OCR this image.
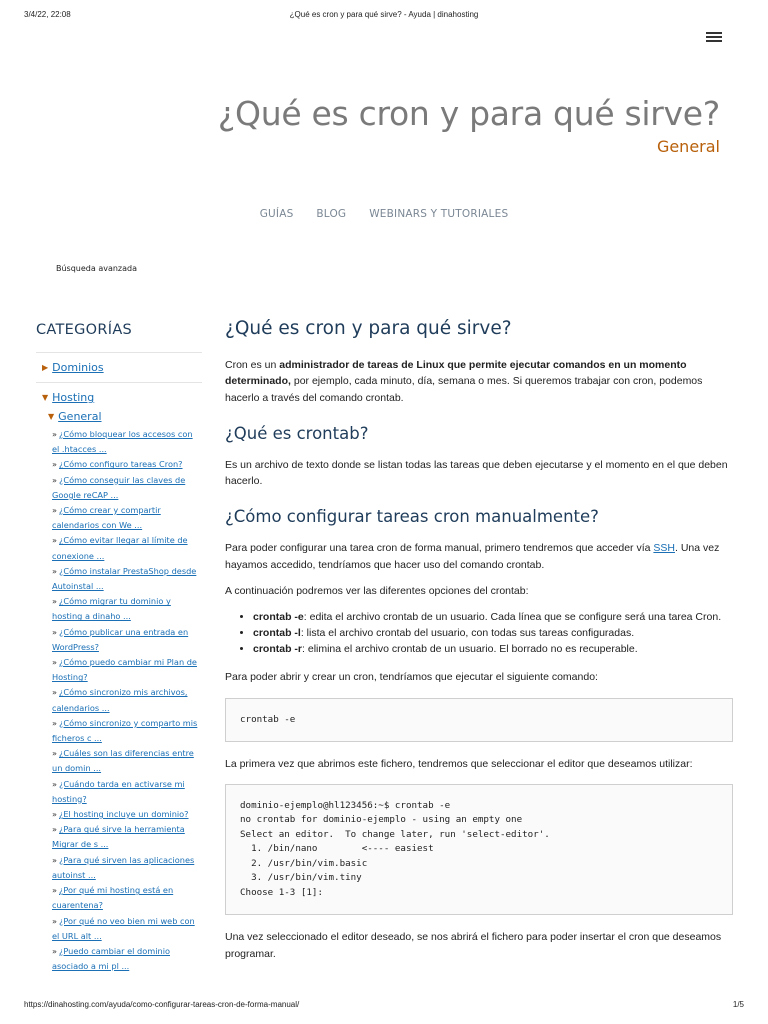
3/4/22, 22:08	¿Qué es cron y para qué sirve? - Ayuda | dinahosting
¿Qué es cron y para qué sirve?
General
GUÍAS BLOG WEBINARS Y TUTORIALES
Búsqueda avanzada
CATEGORÍAS
▶ Dominios
▼ Hosting
▼ General
» ¿Cómo bloquear los accesos con el .htacces ...
» ¿Cómo configuro tareas Cron?
» ¿Cómo conseguir las claves de Google reCAP ...
» ¿Cómo crear y compartir calendarios con We ...
» ¿Cómo evitar llegar al límite de conexione ...
» ¿Cómo instalar PrestaShop desde Autoinstal ...
» ¿Cómo migrar tu dominio y hosting a dinaho ...
» ¿Cómo publicar una entrada en WordPress?
» ¿Cómo puedo cambiar mi Plan de Hosting?
» ¿Cómo sincronizo mis archivos, calendarios ...
» ¿Cómo sincronizo y comparto mis ficheros c ...
» ¿Cuáles son las diferencias entre un domin ...
» ¿Cuándo tarda en activarse mi hosting?
» ¿El hosting incluye un dominio?
» ¿Para qué sirve la herramienta Migrar de s ...
» ¿Para qué sirven las aplicaciones autoinst ...
» ¿Por qué mi hosting está en cuarentena?
» ¿Por qué no veo bien mi web con el URL alt ...
» ¿Puedo cambiar el dominio asociado a mi pl ...
¿Qué es cron y para qué sirve?

Cron es un administrador de tareas de Linux que permite ejecutar comandos en un momento determinado, por ejemplo, cada minuto, día, semana o mes. Si queremos trabajar con cron, podemos hacerlo a través del comando crontab.

¿Qué es crontab?

Es un archivo de texto donde se listan todas las tareas que deben ejecutarse y el momento en el que deben hacerlo.

¿Cómo configurar tareas cron manualmente?

Para poder configurar una tarea cron de forma manual, primero tendremos que acceder vía SSH. Una vez hayamos accedido, tendríamos que hacer uso del comando crontab.

A continuación podremos ver las diferentes opciones del crontab:

• crontab -e: edita el archivo crontab de un usuario. Cada línea que se configure será una tarea Cron.
• crontab -l: lista el archivo crontab del usuario, con todas sus tareas configuradas.
• crontab -r: elimina el archivo crontab de un usuario. El borrado no es recuperable.

Para poder abrir y crear un cron, tendríamos que ejecutar el siguiente comando:

crontab -e

La primera vez que abrimos este fichero, tendremos que seleccionar el editor que deseamos utilizar:

dominio-ejemplo@hl123456:~$ crontab -e
no crontab for dominio-ejemplo - using an empty one
Select an editor.  To change later, run 'select-editor'.
1. /bin/nano        <---- easiest
2. /usr/bin/vim.basic
3. /usr/bin/vim.tiny
Choose 1-3 [1]:

Una vez seleccionado el editor deseado, se nos abrirá el fichero para poder insertar el cron que deseamos programar.

https://dinahosting.com/ayuda/como-configurar-tareas-cron-de-forma-manual/	1/5
